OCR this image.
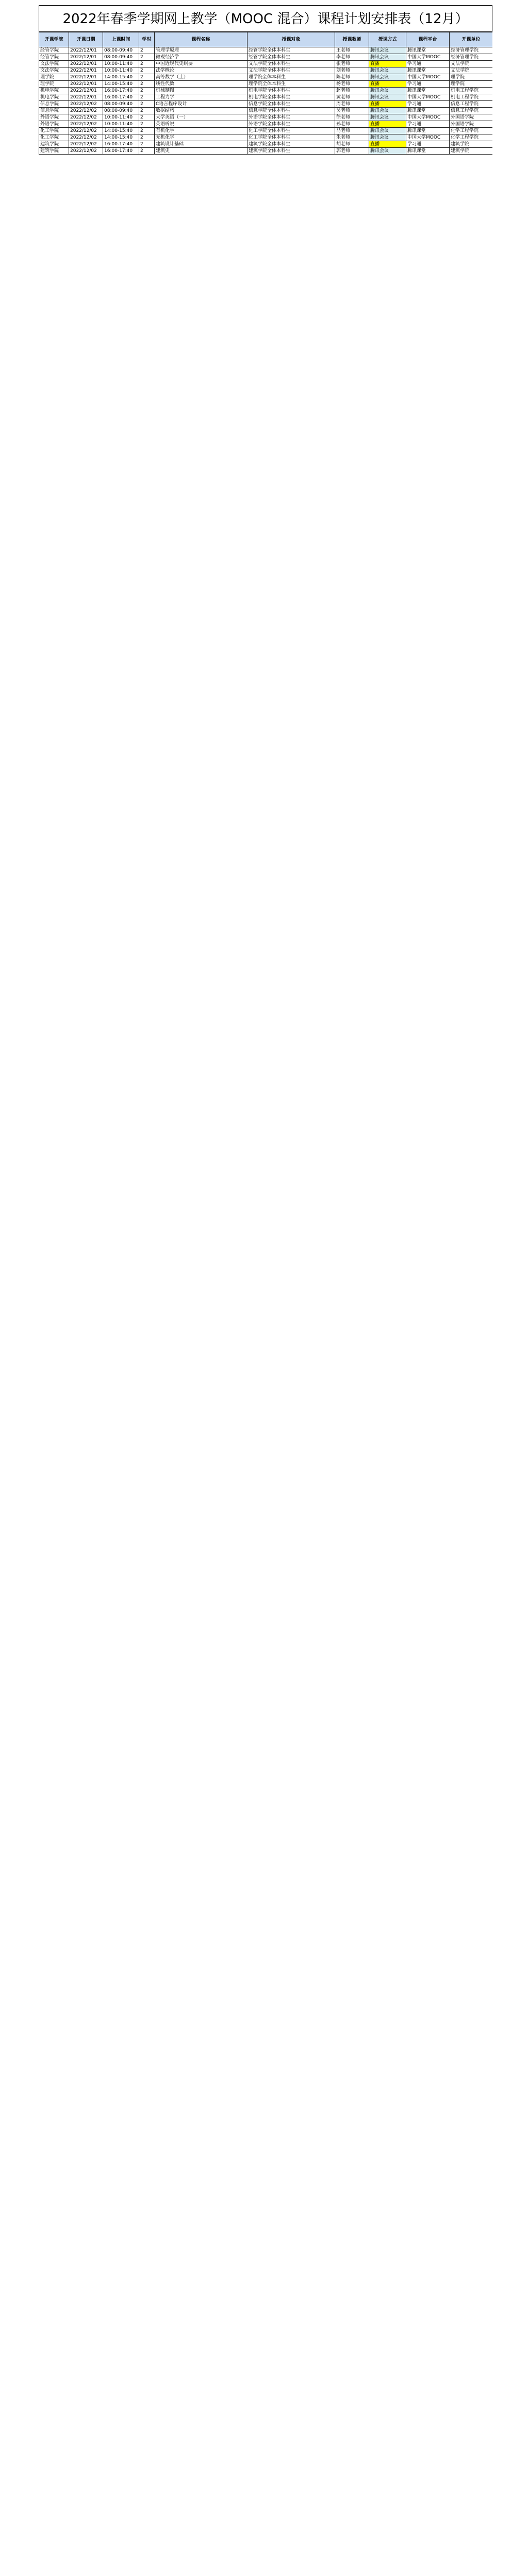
2022年春季学期网上教学（MOOC 混合）课程计划安排表（12月）
开课学院	开课日期	上课时间	学时	课程名称	授课对象	授课教师	授课方式	课程平台	开课单位
经管学院	2022/12/01	08:00-09:40	2	管理学原理	经管学院全体本科生	王老师	腾讯会议	腾讯课堂	经济管理学院
经管学院	2022/12/01	08:00-09:40	2	微观经济学	经管学院全体本科生	李老师	腾讯会议	中国大学MOOC	经济管理学院
文法学院	2022/12/01	10:00-11:40	2	中国近现代史纲要	文法学院全体本科生	张老师	直播	学习通	文法学院
文法学院	2022/12/01	10:00-11:40	2	法学概论	文法学院全体本科生	刘老师	腾讯会议	腾讯课堂	文法学院
理学院	2022/12/01	14:00-15:40	2	高等数学（上）	理学院全体本科生	陈老师	腾讯会议	中国大学MOOC	理学院
理学院	2022/12/01	14:00-15:40	2	线性代数	理学院全体本科生	杨老师	直播	学习通	理学院
机电学院	2022/12/01	16:00-17:40	2	机械制图	机电学院全体本科生	赵老师	腾讯会议	腾讯课堂	机电工程学院
机电学院	2022/12/01	16:00-17:40	2	工程力学	机电学院全体本科生	黄老师	腾讯会议	中国大学MOOC	机电工程学院
信息学院	2022/12/02	08:00-09:40	2	C语言程序设计	信息学院全体本科生	周老师	直播	学习通	信息工程学院
信息学院	2022/12/02	08:00-09:40	2	数据结构	信息学院全体本科生	吴老师	腾讯会议	腾讯课堂	信息工程学院
外语学院	2022/12/02	10:00-11:40	2	大学英语（一）	外语学院全体本科生	徐老师	腾讯会议	中国大学MOOC	外国语学院
外语学院	2022/12/02	10:00-11:40	2	英语听说	外语学院全体本科生	孙老师	直播	学习通	外国语学院
化工学院	2022/12/02	14:00-15:40	2	有机化学	化工学院全体本科生	马老师	腾讯会议	腾讯课堂	化学工程学院
化工学院	2022/12/02	14:00-15:40	2	无机化学	化工学院全体本科生	朱老师	腾讯会议	中国大学MOOC	化学工程学院
建筑学院	2022/12/02	16:00-17:40	2	建筑设计基础	建筑学院全体本科生	胡老师	直播	学习通	建筑学院
建筑学院	2022/12/02	16:00-17:40	2	建筑史	建筑学院全体本科生	郭老师	腾讯会议	腾讯课堂	建筑学院
